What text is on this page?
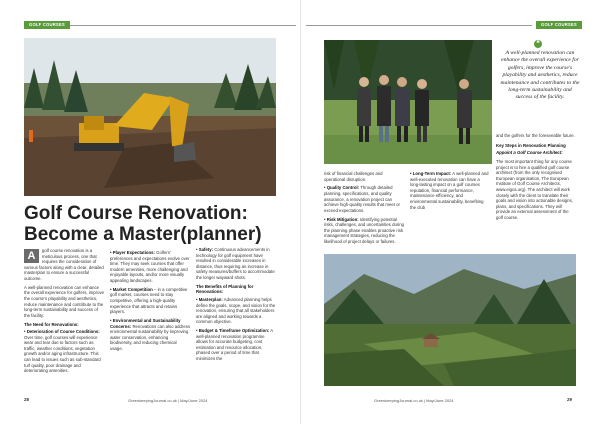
GOLF COURSES	GOLF COURSES
Golf Course Renovation:
Become a Master(planner)

A	golf course renovation is a meticulous process, one that requires the consideration of various factors along with a clear, detailed masterplan to ensure a successful outcome.

A well-planned renovation can enhance the overall experience for golfers, improve the course's playability and aesthetics, reduce maintenance and contribute to the long-term sustainability and success of the facility.

The Need for Renovations:

• Deterioration of Course Conditions: Over time, golf courses will experience wear and tear due to factors such as traffic, weather conditions, vegetation growth and/or aging infrastructure. This can lead to issues such as sub-standard turf quality, poor drainage and deteriorating amenities.

• Player Expectations: Golfers' preferences and expectations evolve over time. They may seek courses that offer modern amenities, more challenging and enjoyable layouts, and/or more visually appealing landscapes.

• Market Competition – in a competitive golf market, courses need to stay competitive, offering a high-quality experience that attracts and retains players.

• Environmental and Sustainability Concerns: Renovations can also address environmental sustainability by improving water conservation, enhancing biodiversity, and reducing chemical usage.

• Safety: Continuous advancements in technology for golf equipment have resulted in considerable increases in distance, thus requiring an increase in safety measures/buffers to accommodate the longer wayward shots.

The Benefits of Planning for Renovations:

• Masterplan: Advanced planning helps define the goals, scope, and vision for the renovation, ensuring that all stakeholders are aligned and working towards a common objective.

• Budget & Timeframe Optimization: A well-planned renovation programme allows for accurate budgeting, cost estimation and resource allocation, phased over a period of time that minimizes the

❝
A well-planned renovation can enhance the overall experience for golfers, improve the course's playability and aesthetics, reduce maintenance and contributes to the long-term sustainability and success of the facility.

risk of financial challenges and operational disruption.

• Quality Control: Through detailed planning, specifications, and quality assurance, a renovation project can achieve high-quality results that meet or exceed expectations.

• Risk Mitigation: Identifying potential risks, challenges, and uncertainties during the planning phase enables proactive risk management strategies, reducing the likelihood of project delays or failures.

• Long-Term Impact: A well-planned and well-executed renovation can have a long-lasting impact on a golf courses reputation, financial performance, maintenance efficiency, and environmental sustainability, benefiting the club

and the golfers for the foreseeable future.

Key Steps in Renovation Planning

Appoint a Golf Course Architect:

The most important thing for any course project is to hire a qualified golf course architect (from the only recognised European organisation, The European Institute of Golf Course Architects, www.eigca.org). The architect will work closely with the client to translate their goals and vision into actionable designs, plans, and specifications. They will provide an external assessment of the golf course.

28	GreenkeepingJournal.co.uk | May/June 2024	GreenkeepingJournal.co.uk | May/June 2024	29
